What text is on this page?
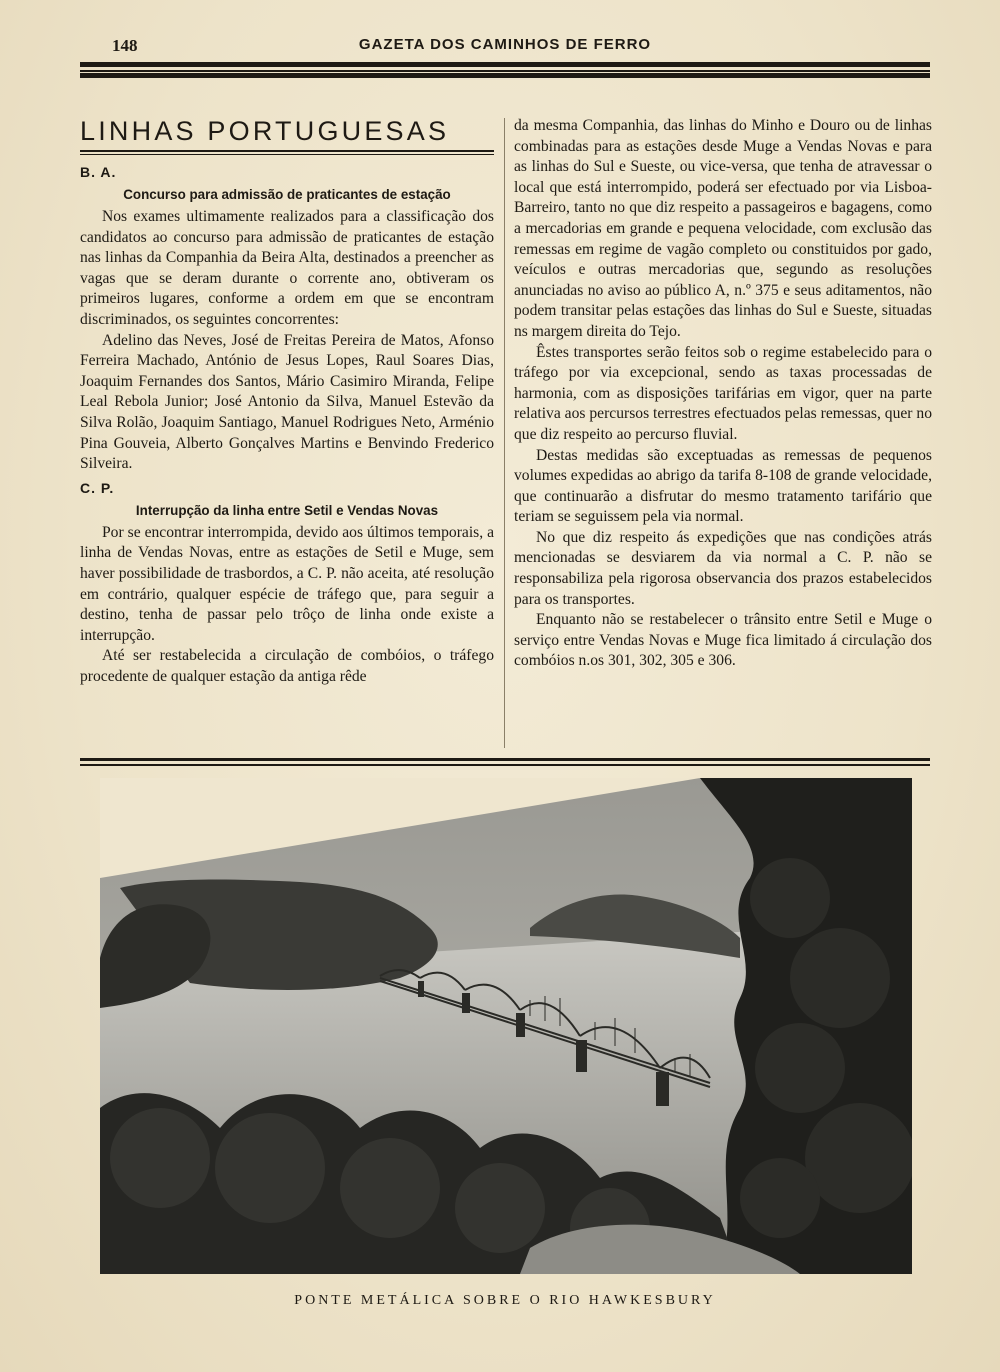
148	GAZETA DOS CAMINHOS DE FERRO
LINHAS PORTUGUESAS
B. A.
Concurso para admissão de praticantes de estação

Nos exames ultimamente realizados para a classificação dos candidatos ao concurso para admissão de praticantes de estação nas linhas da Companhia da Beira Alta, destinados a preencher as vagas que se deram durante o corrente ano, obtiveram os primeiros lugares, conforme a ordem em que se encontram discriminados, os seguintes concorrentes:

Adelino das Neves, José de Freitas Pereira de Matos, Afonso Ferreira Machado, António de Jesus Lopes, Raul Soares Dias, Joaquim Fernandes dos Santos, Mário Casimiro Miranda, Felipe Leal Rebola Junior; José Antonio da Silva, Manuel Estevão da Silva Rolão, Joaquim Santiago, Manuel Rodrigues Neto, Arménio Pina Gouveia, Alberto Gonçalves Martins e Benvindo Frederico Silveira.

C. P.
Interrupção da linha entre Setil e Vendas Novas

Por se encontrar interrompida, devido aos últimos temporais, a linha de Vendas Novas, entre as estações de Setil e Muge, sem haver possibilidade de trasbordos, a C. P. não aceita, até resolução em contrário, qualquer espécie de tráfego que, para seguir a destino, tenha de passar pelo trôço de linha onde existe a interrupção.

Até ser restabelecida a circulação de combóios, o tráfego procedente de qualquer estação da antiga rêde

da mesma Companhia, das linhas do Minho e Douro ou de linhas combinadas para as estações desde Muge a Vendas Novas e para as linhas do Sul e Sueste, ou vice-versa, que tenha de atravessar o local que está interrompido, poderá ser efectuado por via Lisboa-Barreiro, tanto no que diz respeito a passageiros e bagagens, como a mercadorias em grande e pequena velocidade, com exclusão das remessas em regime de vagão completo ou constituidos por gado, veículos e outras mercadorias que, segundo as resoluções anunciadas no aviso ao público A, n.º 375 e seus aditamentos, não podem transitar pelas estações das linhas do Sul e Sueste, situadas ns margem direita do Tejo.

Êstes transportes serão feitos sob o regime estabelecido para o tráfego por via excepcional, sendo as taxas processadas de harmonia, com as disposições tarifárias em vigor, quer na parte relativa aos percursos terrestres efectuados pelas remessas, quer no que diz respeito ao percurso fluvial.

Destas medidas são exceptuadas as remessas de pequenos volumes expedidas ao abrigo da tarifa 8-108 de grande velocidade, que continuarão a disfrutar do mesmo tratamento tarifário que teriam se seguissem pela via normal.

No que diz respeito ás expedições que nas condições atrás mencionadas se desviarem da via normal a C. P. não se responsabiliza pela rigorosa observancia dos prazos estabelecidos para os transportes.

Enquanto não se restabelecer o trânsito entre Setil e Muge o serviço entre Vendas Novas e Muge fica limitado á circulação dos combóios n.os 301, 302, 305 e 306.

PONTE METÁLICA SOBRE O RIO HAWKESBURY
